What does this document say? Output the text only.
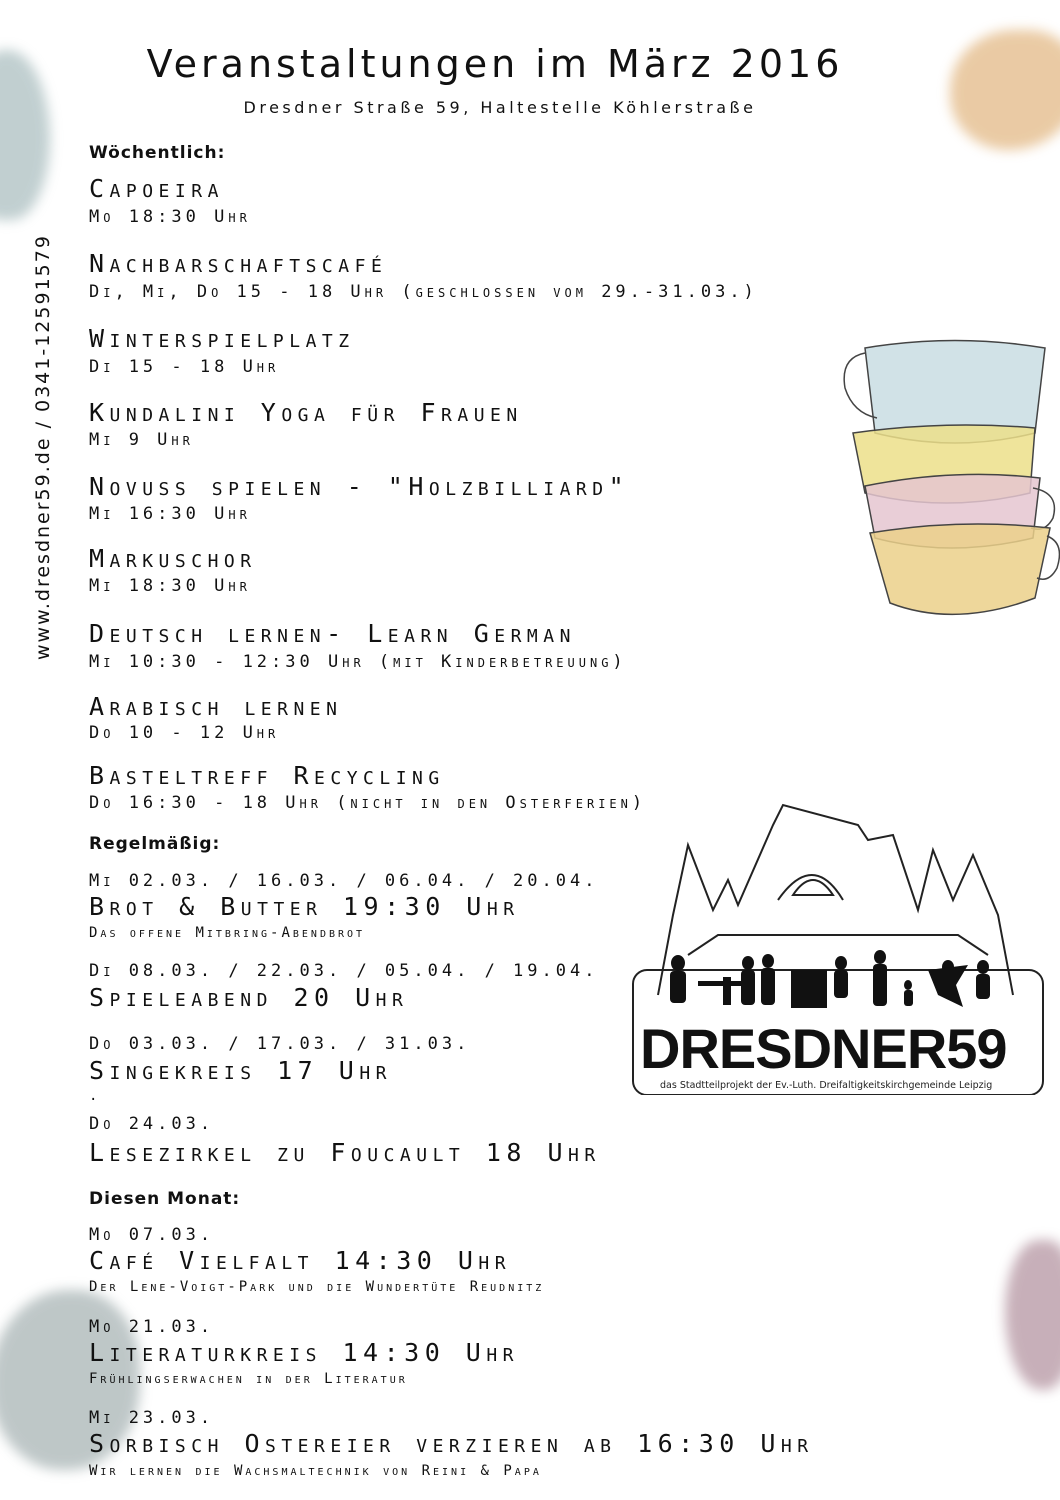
Veranstaltungen im März 2016
Dresdner Straße 59, Haltestelle Köhlerstraße
www.dresdner59.de / 0341-12591579
Wöchentlich:
Capoeira
Mo 18:30 Uhr
Nachbarschaftscafé
Di, Mi, Do 15 - 18 Uhr (geschlossen vom 29.-31.03.)
Winterspielplatz
Di 15 - 18 Uhr
Kundalini Yoga für Frauen
Mi 9 Uhr
Novuss spielen - "Holzbilliard"
Mi 16:30 Uhr
Markuschor
Mi 18:30 Uhr
Deutsch lernen- Learn German
Mi 10:30 - 12:30 Uhr (mit Kinderbetreuung)
Arabisch lernen
Do 10 - 12 Uhr
Basteltreff Recycling
Do 16:30 - 18 Uhr (nicht in den Osterferien)
Regelmäßig:
Mi 02.03. / 16.03. / 06.04. / 20.04.
Brot & Butter 19:30 Uhr
Das offene Mitbring-Abendbrot
Di 08.03. / 22.03. / 05.04. / 19.04.
Spieleabend 20 Uhr
Do 03.03. / 17.03. / 31.03.
Singekreis 17 Uhr
.
Do 24.03.
Lesezirkel zu Foucault 18 Uhr
Diesen Monat:
Mo 07.03.
Café Vielfalt 14:30 Uhr
Der Lene-Voigt-Park und die Wundertüte Reudnitz
Mo 21.03.
Literaturkreis 14:30 Uhr
Frühlingserwachen in der Literatur
Mi 23.03.
Sorbisch Ostereier verzieren ab 16:30 Uhr
Wir lernen die Wachsmaltechnik von Reini & Papa
DRESDNER59
das Stadtteilprojekt der Ev.-Luth. Dreifaltigkeitskirchgemeinde Leipzig
